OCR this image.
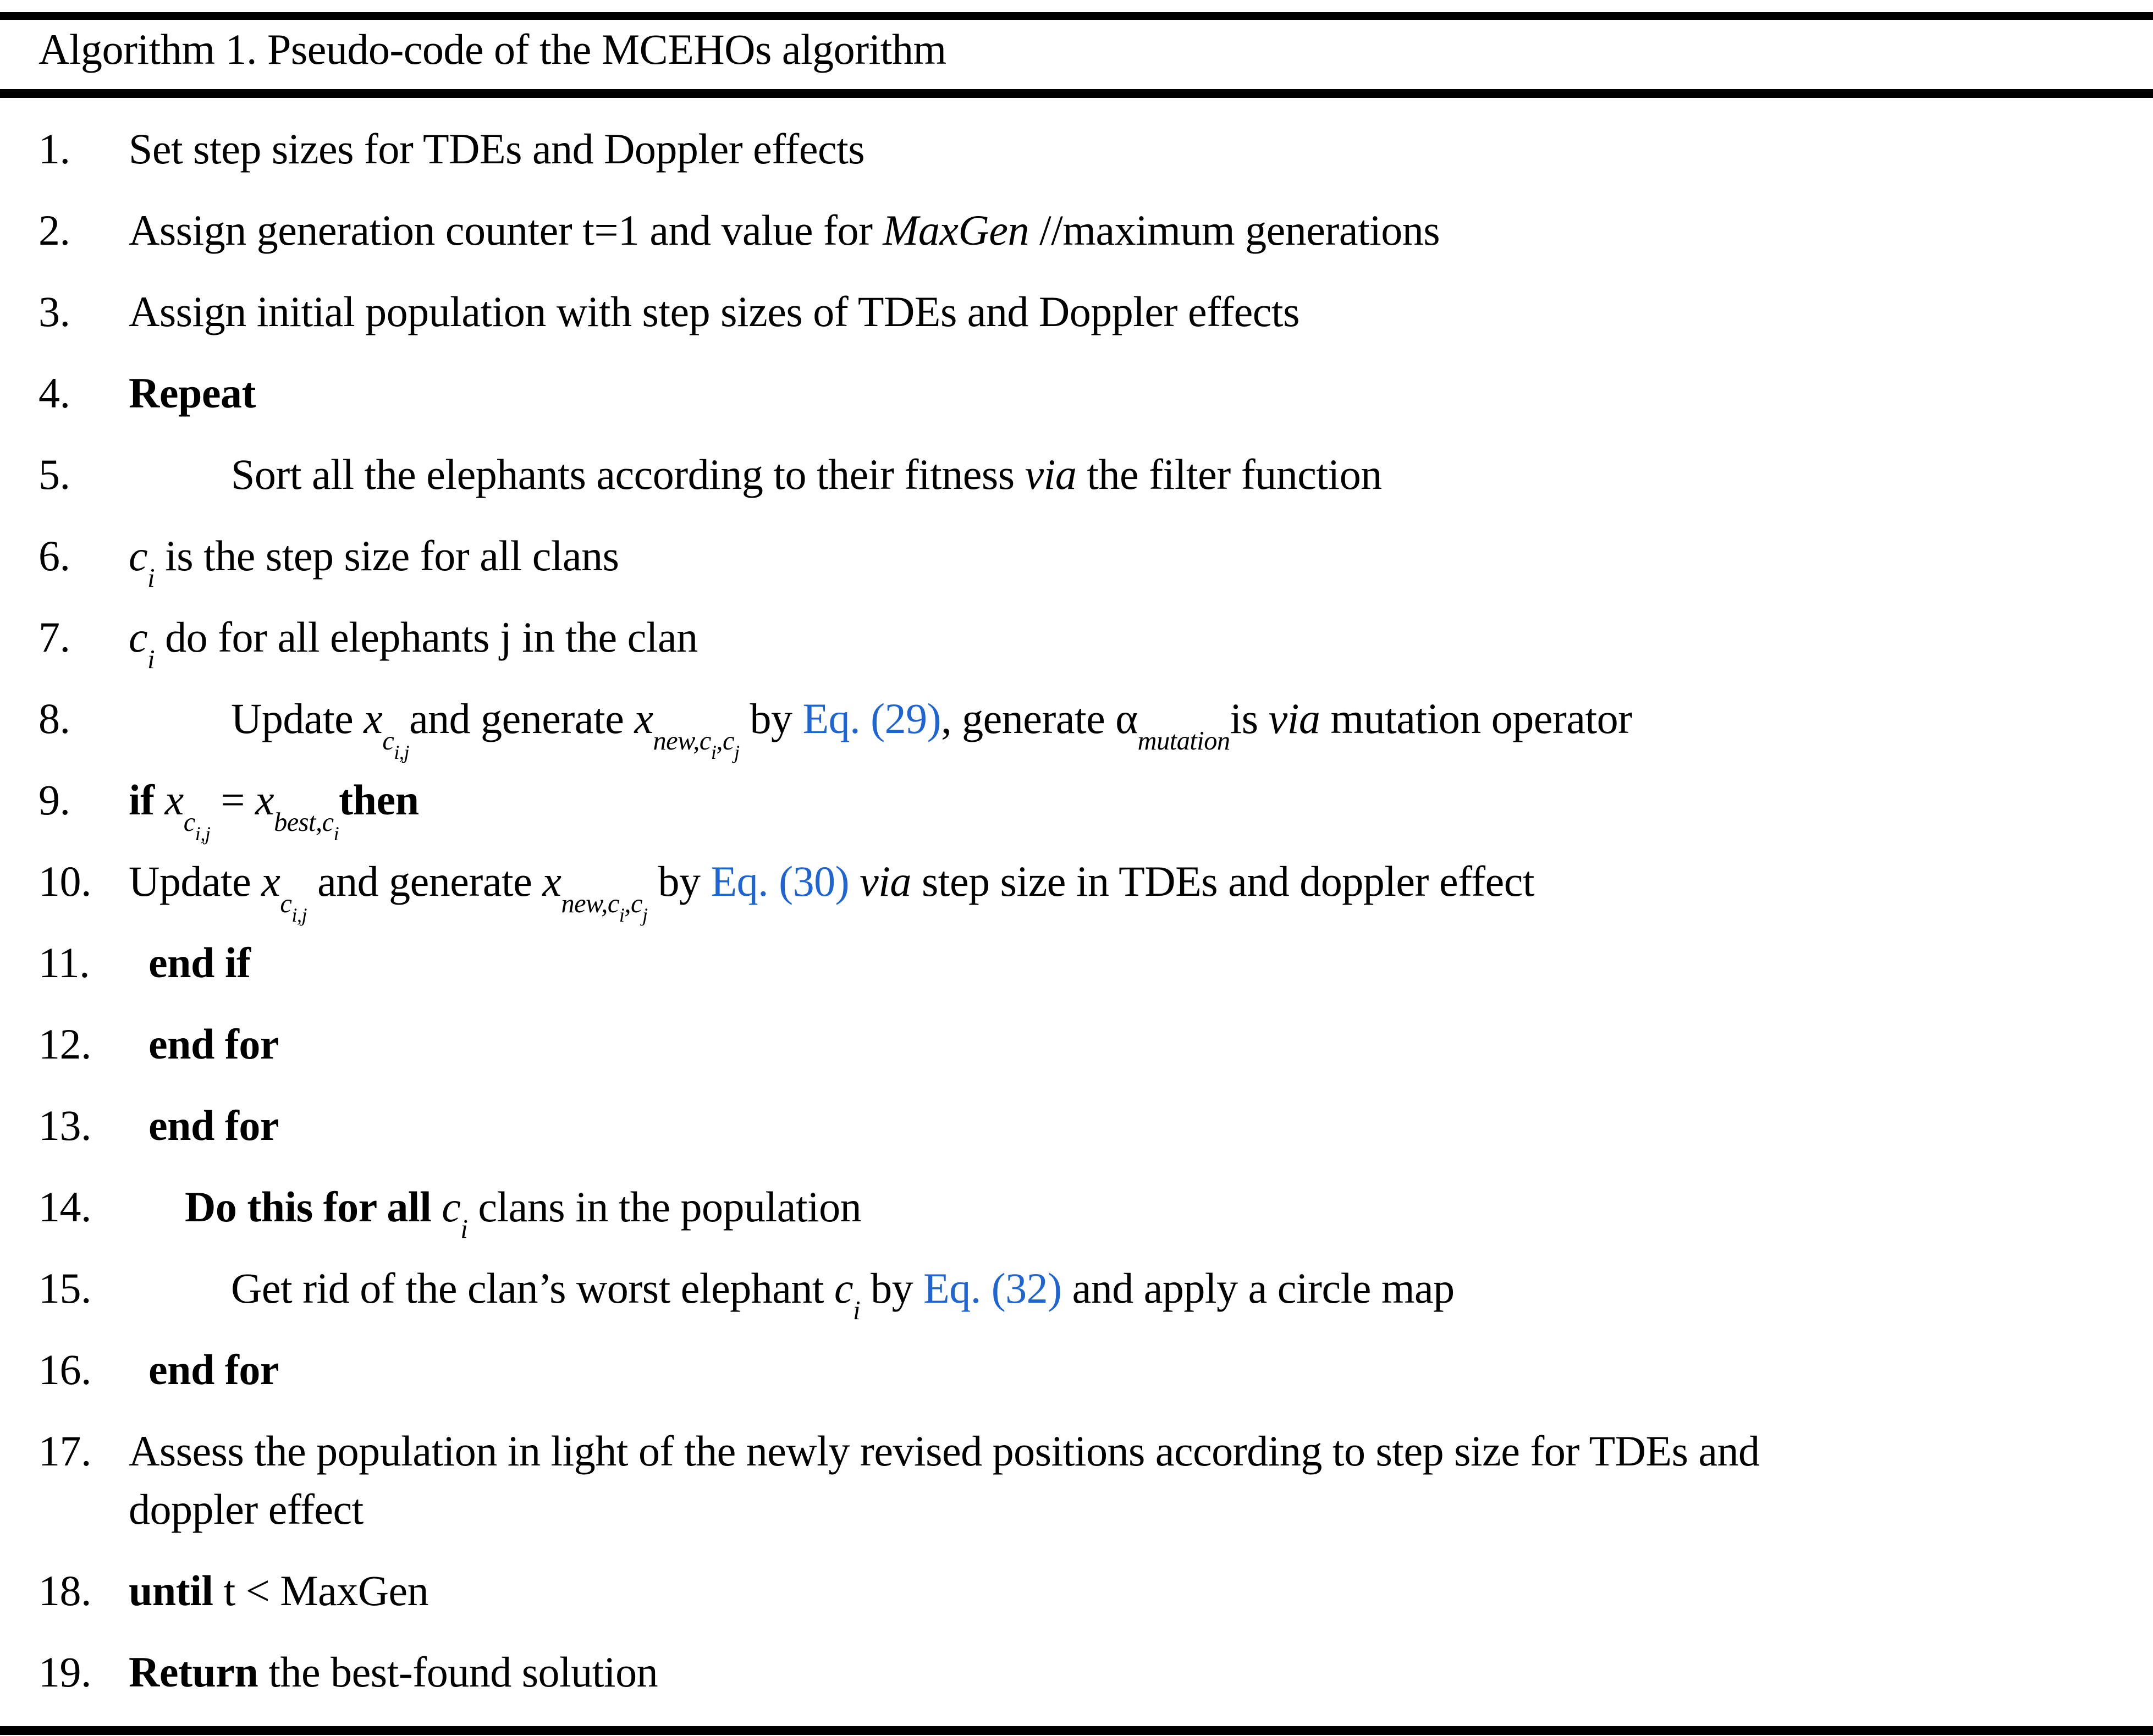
Algorithm 1. Pseudo-code of the MCEHOs algorithm
1.	Set step sizes for TDEs and Doppler effects
2.	Assign generation counter t=1 and value for MaxGen //maximum generations
3.	Assign initial population with step sizes of TDEs and Doppler effects
4.	Repeat
5.	Sort all the elephants according to their fitness via the filter function
6.	$c_i$ is the step size for all clans
7.	$c_i$ do for all elephants j in the clan
8.	Update $x_{c_{i,j}}and$ generate $x_{new,c_i,c_j}$ by Eq. (29), generate $\alpha_{mutation}is$ via mutation operator
9.	if $x_{c_{i,j}}$ = $x_{best,c_i}then$
10. Update $x_{c_{i,j}}$ and generate $x_{new,c_i,c_j}$ by Eq. (30) via step size in TDEs and doppler effect
11.	end if
12.	end for
13.	end for
14.	Do this for all $c_i$ clans in the population
15.	Get rid of the clan’s worst elephant $c_i$ by Eq. (32) and apply a circle map
16.	end for
17. Assess the population in light of the newly revised positions according to step size for TDEs and
doppler effect
18. until t < MaxGen
19. Return the best-found solution
